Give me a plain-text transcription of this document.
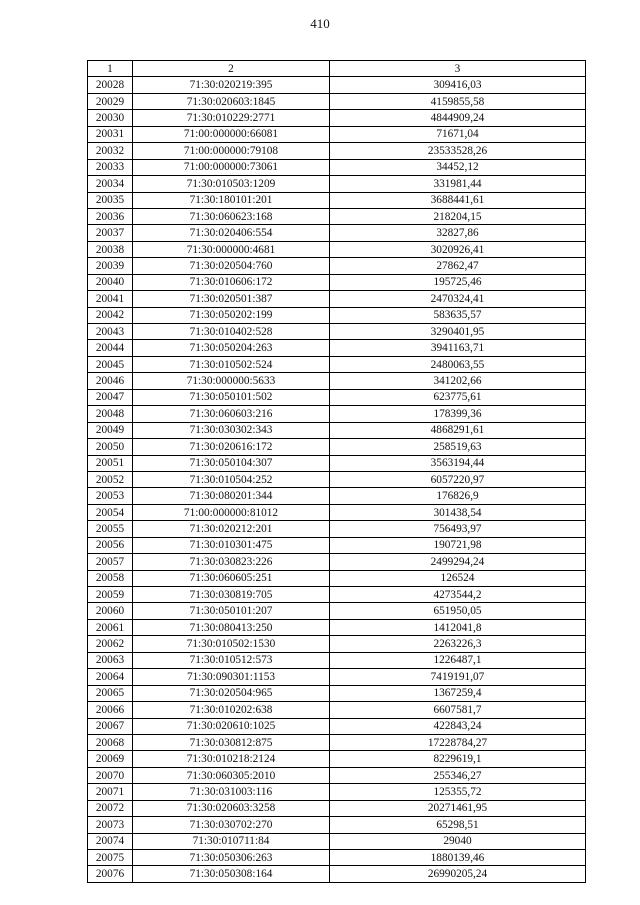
410
1	2	3
20028	71:30:020219:395	309416,03
20029	71:30:020603:1845	4159855,58
20030	71:30:010229:2771	4844909,24
20031	71:00:000000:66081	71671,04
20032	71:00:000000:79108	23533528,26
20033	71:00:000000:73061	34452,12
20034	71:30:010503:1209	331981,44
20035	71:30:180101:201	3688441,61
20036	71:30:060623:168	218204,15
20037	71:30:020406:554	32827,86
20038	71:30:000000:4681	3020926,41
20039	71:30:020504:760	27862,47
20040	71:30:010606:172	195725,46
20041	71:30:020501:387	2470324,41
20042	71:30:050202:199	583635,57
20043	71:30:010402:528	3290401,95
20044	71:30:050204:263	3941163,71
20045	71:30:010502:524	2480063,55
20046	71:30:000000:5633	341202,66
20047	71:30:050101:502	623775,61
20048	71:30:060603:216	178399,36
20049	71:30:030302:343	4868291,61
20050	71:30:020616:172	258519,63
20051	71:30:050104:307	3563194,44
20052	71:30:010504:252	6057220,97
20053	71:30:080201:344	176826,9
20054	71:00:000000:81012	301438,54
20055	71:30:020212:201	756493,97
20056	71:30:010301:475	190721,98
20057	71:30:030823:226	2499294,24
20058	71:30:060605:251	126524
20059	71:30:030819:705	4273544,2
20060	71:30:050101:207	651950,05
20061	71:30:080413:250	1412041,8
20062	71:30:010502:1530	2263226,3
20063	71:30:010512:573	1226487,1
20064	71:30:090301:1153	7419191,07
20065	71:30:020504:965	1367259,4
20066	71:30:010202:638	6607581,7
20067	71:30:020610:1025	422843,24
20068	71:30:030812:875	17228784,27
20069	71:30:010218:2124	8229619,1
20070	71:30:060305:2010	255346,27
20071	71:30:031003:116	125355,72
20072	71:30:020603:3258	20271461,95
20073	71:30:030702:270	65298,51
20074	71:30:010711:84	29040
20075	71:30:050306:263	1880139,46
20076	71:30:050308:164	26990205,24
